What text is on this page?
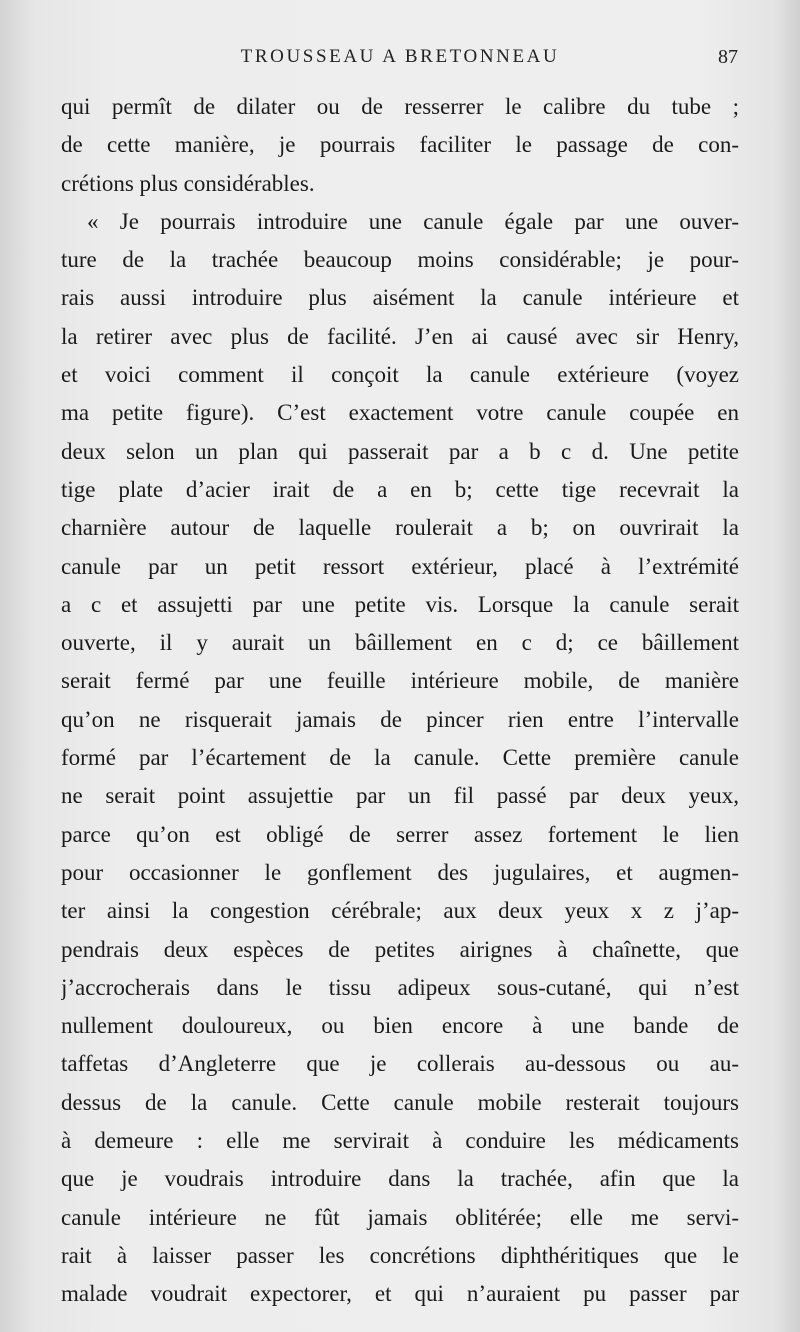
TROUSSEAU A BRETONNEAU	87
qui permît de dilater ou de resserrer le calibre du tube ;
de cette manière, je pourrais faciliter le passage de con-
crétions plus considérables.
« Je pourrais introduire une canule égale par une ouver-
ture de la trachée beaucoup moins considérable; je pour-
rais aussi introduire plus aisément la canule intérieure et
la retirer avec plus de facilité. J’en ai causé avec sir Henry,
et voici comment il conçoit la canule extérieure (voyez
ma petite figure). C’est exactement votre canule coupée en
deux selon un plan qui passerait par a b c d. Une petite
tige plate d’acier irait de a en b; cette tige recevrait la
charnière autour de laquelle roulerait a b; on ouvrirait la
canule par un petit ressort extérieur, placé à l’extrémité
a c et assujetti par une petite vis. Lorsque la canule serait
ouverte, il y aurait un bâillement en c d; ce bâillement
serait fermé par une feuille intérieure mobile, de manière
qu’on ne risquerait jamais de pincer rien entre l’intervalle
formé par l’écartement de la canule. Cette première canule
ne serait point assujettie par un fil passé par deux yeux,
parce qu’on est obligé de serrer assez fortement le lien
pour occasionner le gonflement des jugulaires, et augmen-
ter ainsi la congestion cérébrale; aux deux yeux x z j’ap-
pendrais deux espèces de petites airignes à chaînette, que
j’accrocherais dans le tissu adipeux sous-cutané, qui n’est
nullement douloureux, ou bien encore à une bande de
taffetas d’Angleterre que je collerais au-dessous ou au-
dessus de la canule. Cette canule mobile resterait toujours
à demeure : elle me servirait à conduire les médicaments
que je voudrais introduire dans la trachée, afin que la
canule intérieure ne fût jamais oblitérée; elle me servi-
rait à laisser passer les concrétions diphthéritiques que le
malade voudrait expectorer, et qui n’auraient pu passer par
